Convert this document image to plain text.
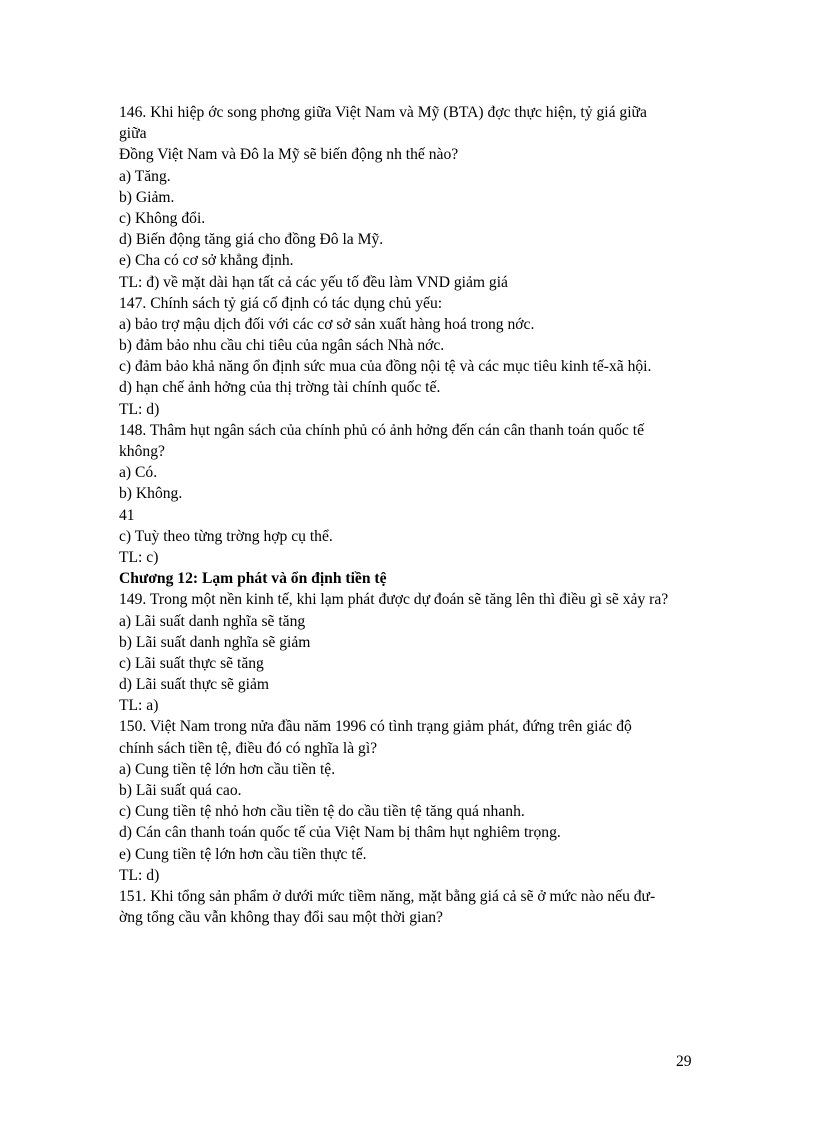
146. Khi hiệp ớc song phơng giữa Việt Nam và Mỹ (BTA) đợc thực hiện, tỷ giá giữa
giữa
Đồng Việt Nam và Đô la Mỹ sẽ biến động nh thế nào?
a) Tăng.
b) Giảm.
c) Không đổi.
d) Biến động tăng giá cho đồng Đô la Mỹ.
e) Cha có cơ sở khẳng định.
TL: đ) về mặt dài hạn tất cả các yếu tố đều làm VND giảm giá
147. Chính sách tỷ giá cố định có tác dụng chủ yếu:
a) bảo trợ mậu dịch đối với các cơ sở sản xuất hàng hoá trong nớc.
b) đảm bảo nhu cầu chi tiêu của ngân sách Nhà nớc.
c) đảm bảo khả năng ổn định sức mua của đồng nội tệ và các mục tiêu kinh tế-xã hội.
d) hạn chế ảnh hởng của thị trờng tài chính quốc tế.
TL: d)
148. Thâm hụt ngân sách của chính phủ có ảnh hởng đến cán cân thanh toán quốc tế
không?
a) Có.
b) Không.
41
c) Tuỳ theo từng trờng hợp cụ thể.
TL: c)
Chương 12: Lạm phát và ổn định tiền tệ
149. Trong một nền kinh tế, khi lạm phát được dự đoán sẽ tăng lên thì điều gì sẽ xảy ra?
a) Lãi suất danh nghĩa sẽ tăng
b) Lãi suất danh nghĩa sẽ giảm
c) Lãi suất thực sẽ tăng
d) Lãi suất thực sẽ giảm
TL: a)
150. Việt Nam trong nửa đầu năm 1996 có tình trạng giảm phát, đứng trên giác độ
chính sách tiền tệ, điều đó có nghĩa là gì?
a) Cung tiền tệ lớn hơn cầu tiền tệ.
b) Lãi suất quá cao.
c) Cung tiền tệ nhỏ hơn cầu tiền tệ do cầu tiền tệ tăng quá nhanh.
d) Cán cân thanh toán quốc tế của Việt Nam bị thâm hụt nghiêm trọng.
e) Cung tiền tệ lớn hơn cầu tiền thực tế.
TL: d)
151. Khi tổng sản phẩm ở dưới mức tiềm năng, mặt bằng giá cả sẽ ở mức nào nếu đư-
ờng tổng cầu vẫn không thay đổi sau một thời gian?
29
